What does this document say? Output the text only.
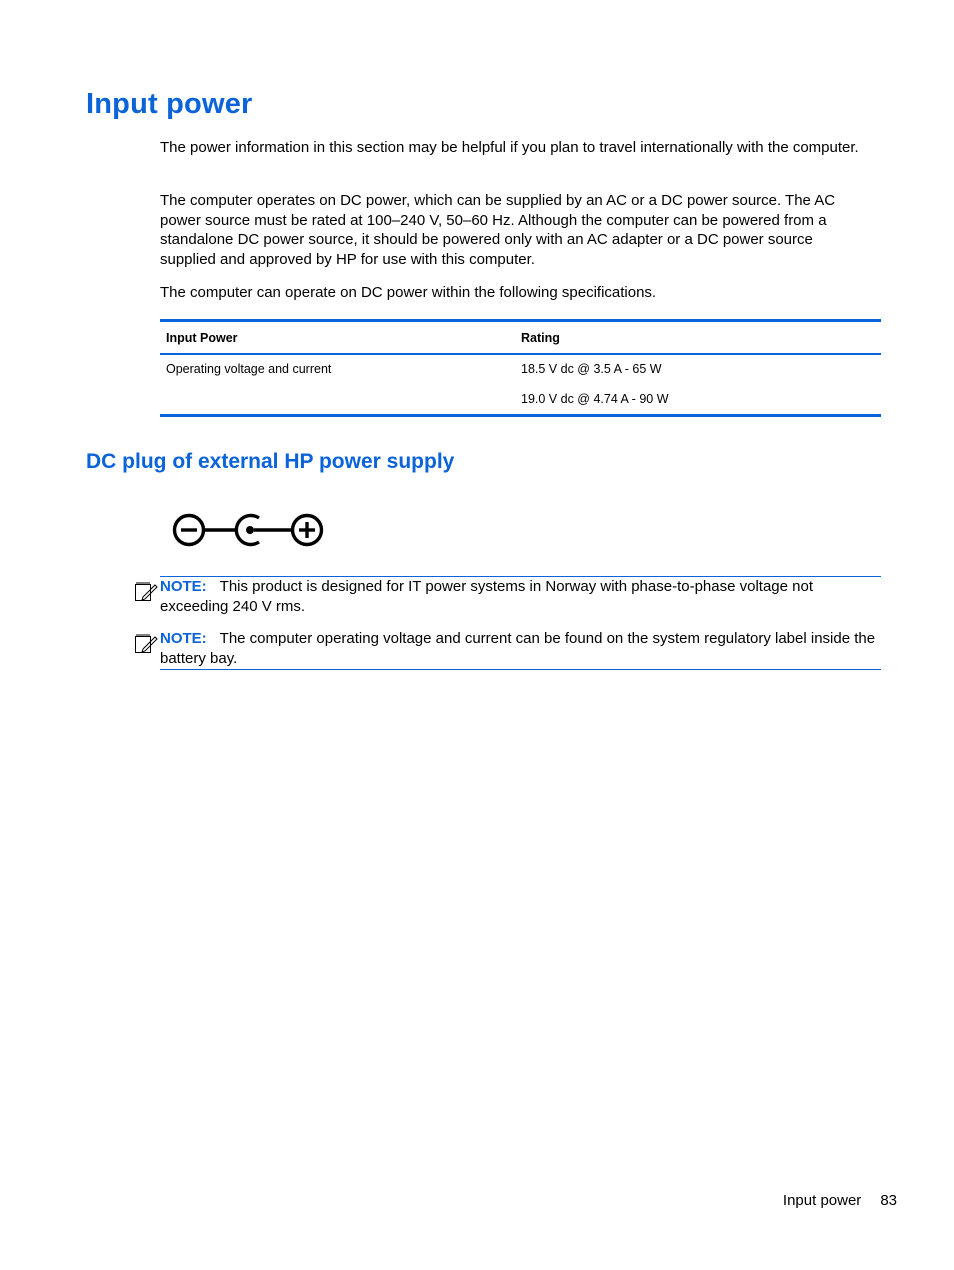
Input power

The power information in this section may be helpful if you plan to travel internationally with the computer.

The computer operates on DC power, which can be supplied by an AC or a DC power source. The AC power source must be rated at 100–240 V, 50–60 Hz. Although the computer can be powered from a standalone DC power source, it should be powered only with an AC adapter or a DC power source supplied and approved by HP for use with this computer.

The computer can operate on DC power within the following specifications.

Input Power	Rating
Operating voltage and current	18.5 V dc @ 3.5 A - 65 W
19.0 V dc @ 4.74 A - 90 W
DC plug of external HP power supply
NOTE: This product is designed for IT power systems in Norway with phase-to-phase voltage not exceeding 240 V rms.
NOTE: The computer operating voltage and current can be found on the system regulatory label inside the battery bay.
Input power 83
